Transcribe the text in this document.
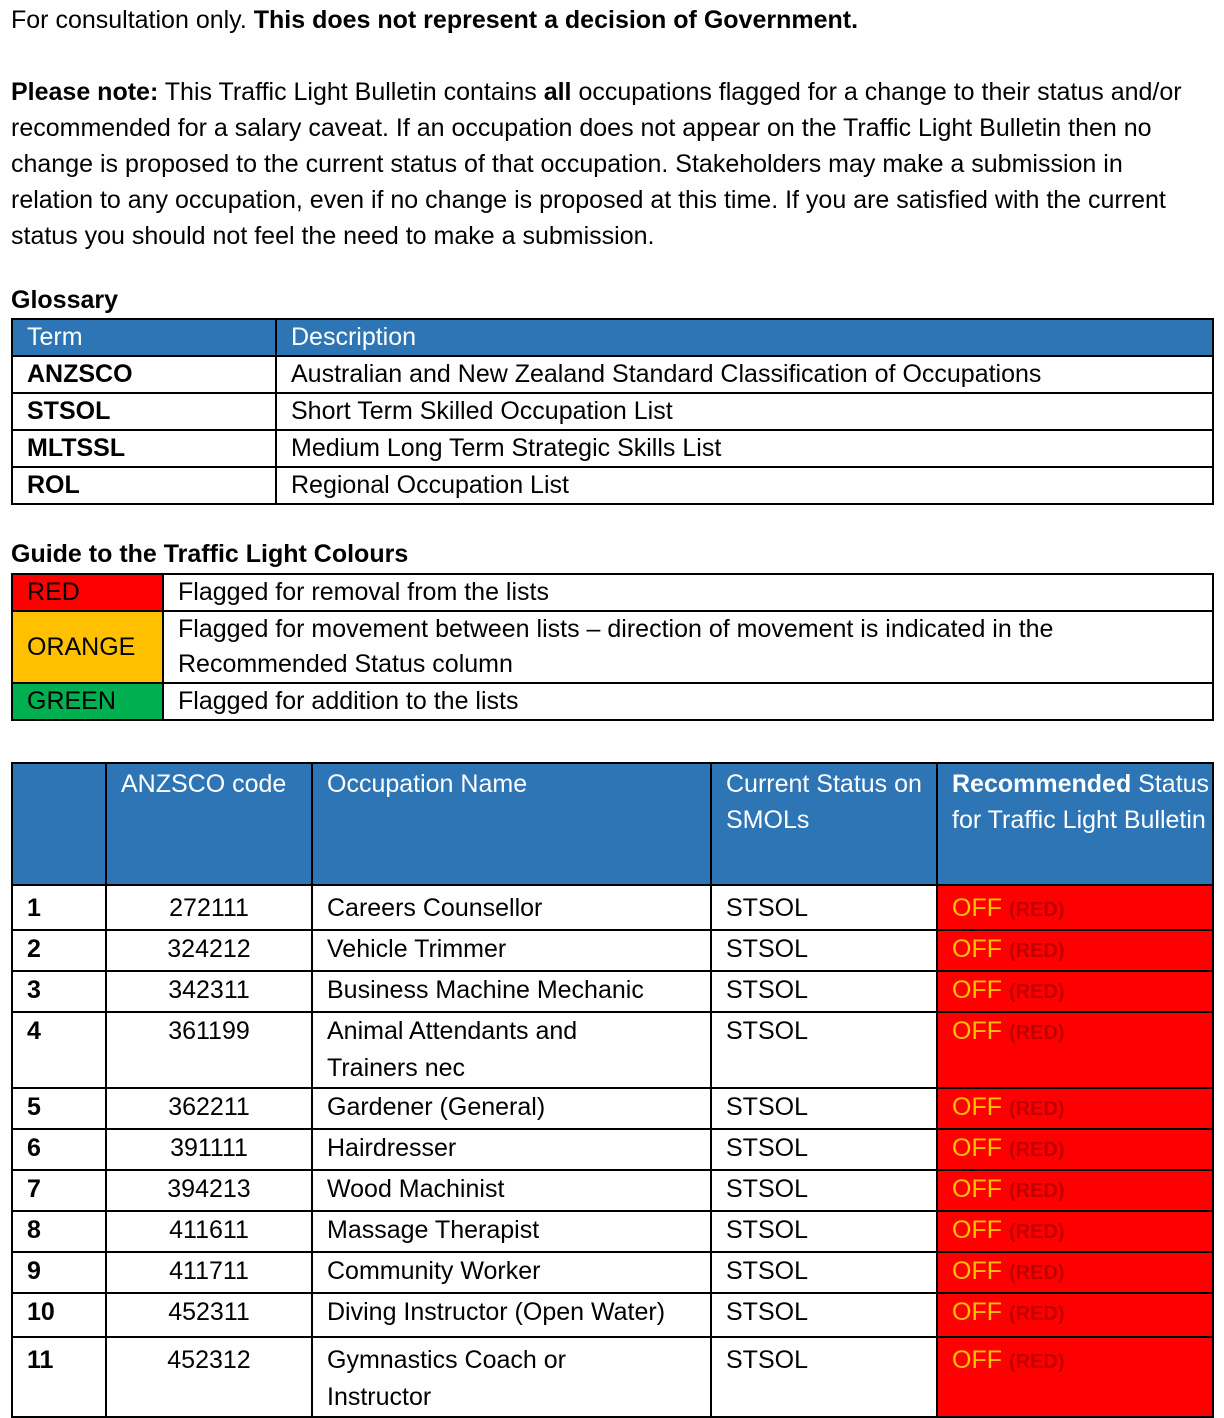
For consultation only. This does not represent a decision of Government.
Please note: This Traffic Light Bulletin contains all occupations flagged for a change to their status and/or recommended for a salary caveat. If an occupation does not appear on the Traffic Light Bulletin then no change is proposed to the current status of that occupation. Stakeholders may make a submission in relation to any occupation, even if no change is proposed at this time. If you are satisfied with the current status you should not feel the need to make a submission.
Glossary
Term	Description
ANZSCO	Australian and New Zealand Standard Classification of Occupations
STSOL	Short Term Skilled Occupation List
MLTSSL	Medium Long Term Strategic Skills List
ROL	Regional Occupation List
Guide to the Traffic Light Colours
RED	Flagged for removal from the lists
ORANGE	Flagged for movement between lists – direction of movement is indicated in the Recommended Status column
GREEN	Flagged for addition to the lists
	ANZSCO code	Occupation Name	Current Status on SMOLs	Recommended Status for Traffic Light Bulletin
1	272111	Careers Counsellor	STSOL	OFF (RED)
2	324212	Vehicle Trimmer	STSOL	OFF (RED)
3	342311	Business Machine Mechanic	STSOL	OFF (RED)
4	361199	Animal Attendants and Trainers nec	STSOL	OFF (RED)
5	362211	Gardener (General)	STSOL	OFF (RED)
6	391111	Hairdresser	STSOL	OFF (RED)
7	394213	Wood Machinist	STSOL	OFF (RED)
8	411611	Massage Therapist	STSOL	OFF (RED)
9	411711	Community Worker	STSOL	OFF (RED)
10	452311	Diving Instructor (Open Water)	STSOL	OFF (RED)
11	452312	Gymnastics Coach or Instructor	STSOL	OFF (RED)
